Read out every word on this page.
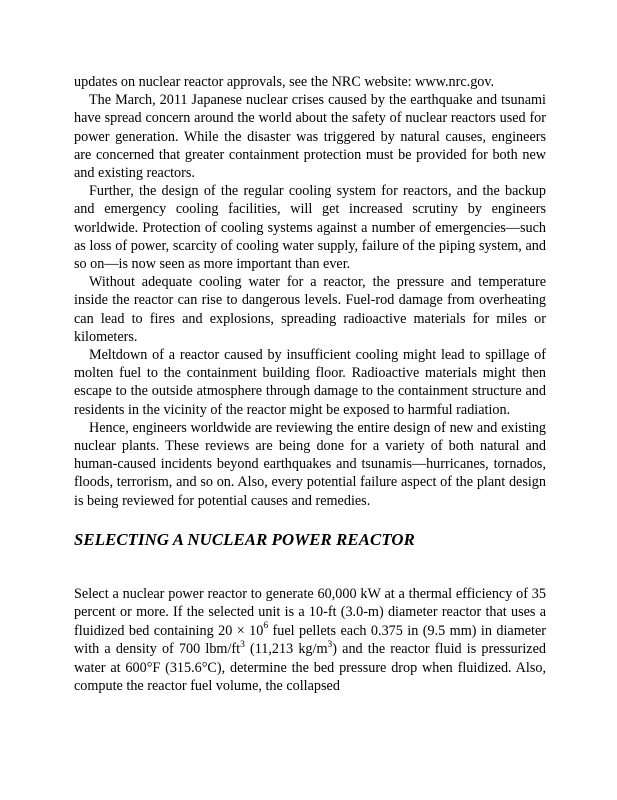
updates on nuclear reactor approvals, see the NRC website: www.nrc.gov.

The March, 2011 Japanese nuclear crises caused by the earthquake and tsunami have spread concern around the world about the safety of nuclear reactors used for power generation. While the disaster was triggered by natural causes, engineers are concerned that greater containment protection must be provided for both new and existing reactors.

Further, the design of the regular cooling system for reactors, and the backup and emergency cooling facilities, will get increased scrutiny by engineers worldwide. Protection of cooling systems against a number of emergencies—such as loss of power, scarcity of cooling water supply, failure of the piping system, and so on—is now seen as more important than ever.

Without adequate cooling water for a reactor, the pressure and temperature inside the reactor can rise to dangerous levels. Fuel-rod damage from overheating can lead to fires and explosions, spreading radioactive materials for miles or kilometers.

Meltdown of a reactor caused by insufficient cooling might lead to spillage of molten fuel to the containment building floor. Radioactive materials might then escape to the outside atmosphere through damage to the containment structure and residents in the vicinity of the reactor might be exposed to harmful radiation.

Hence, engineers worldwide are reviewing the entire design of new and existing nuclear plants. These reviews are being done for a variety of both natural and human-caused incidents beyond earthquakes and tsunamis—hurricanes, tornados, floods, terrorism, and so on. Also, every potential failure aspect of the plant design is being reviewed for potential causes and remedies.

SELECTING A NUCLEAR POWER REACTOR

Select a nuclear power reactor to generate 60,000 kW at a thermal efficiency of 35 percent or more. If the selected unit is a 10-ft (3.0-m) diameter reactor that uses a fluidized bed containing $20 \times 10^6$ fuel pellets each 0.375 in (9.5 mm) in diameter with a density of 700 lbm/$ft^3$ (11,213 $kg/m^3$) and the reactor fluid is pressurized water at 600°F (315.6°C), determine the bed pressure drop when fluidized. Also, compute the reactor fuel volume, the collapsed
